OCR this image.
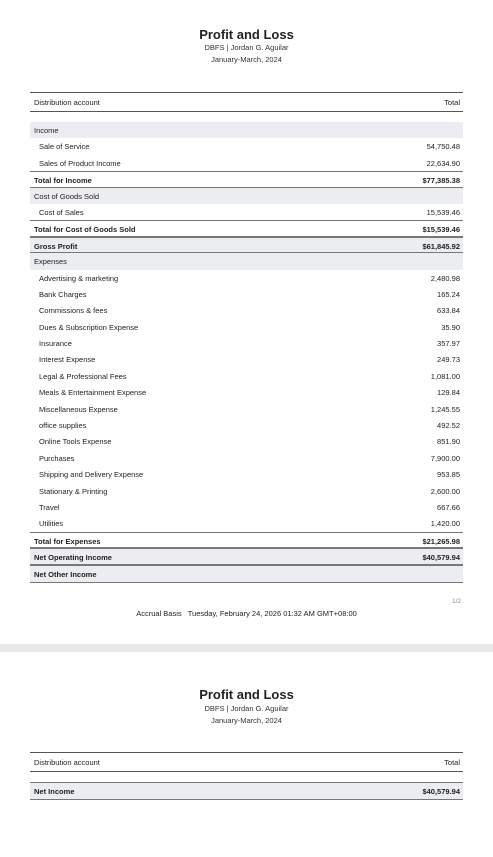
Profit and Loss
DBFS | Jordan G. Aguilar
January-March, 2024
Distribution account	Total
Income
Sale of Service	54,750.48
Sales of Product Income	22,634.90
Total for Income	$77,385.38
Cost of Goods Sold
Cost of Sales	15,539.46
Total for Cost of Goods Sold	$15,539.46
Gross Profit	$61,845.92
Expenses
Advertising & marketing	2,480.98
Bank Charges	165.24
Commissions & fees	633.84
Dues & Subscription Expense	35.90
Insurance	357.97
Interest Expense	249.73
Legal & Professional Fees	1,081.00
Meals & Entertainment Expense	129.84
Miscellaneous Expense	1,245.55
office supplies	492.52
Online Tools Expense	851.90
Purchases	7,900.00
Shipping and Delivery Expense	953.85
Stationary & Printing	2,600.00
Travel	667.66
Utilities	1,420.00
Total for Expenses	$21,265.98
Net Operating Income	$40,579.94
Net Other Income
1/2
Accrual Basis Tuesday, February 24, 2026 01:32 AM GMT+08:00
Profit and Loss
DBFS | Jordan G. Aguilar
January-March, 2024
Distribution account	Total
Net Income	$40,579.94
